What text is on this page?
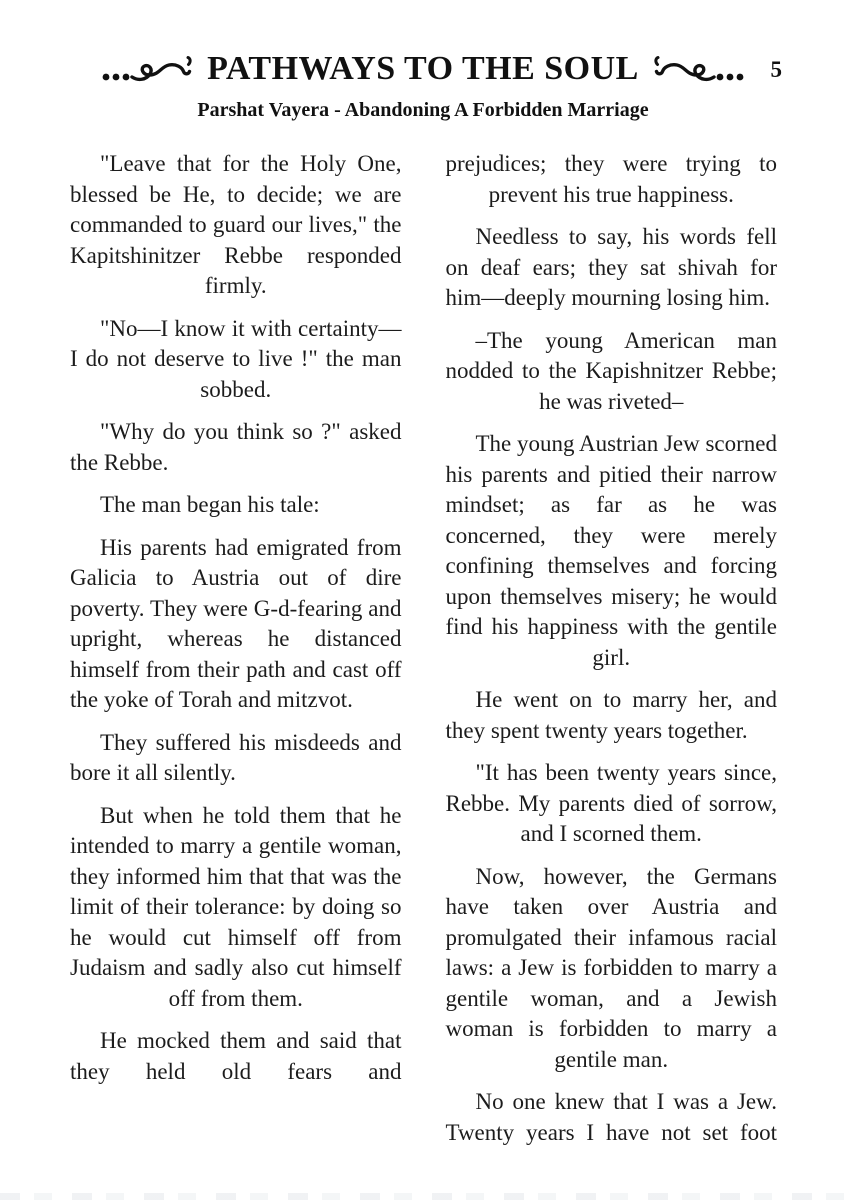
PATHWAYS TO THE SOUL	5
Parshat Vayera - Abandoning A Forbidden Marriage

"Leave that for the Holy One, blessed be He, to decide; we are commanded to guard our lives," the Kapitshinitzer Rebbe responded firmly.

"No—I know it with certainty—I do not deserve to live !" the man sobbed.

"Why do you think so ?" asked the Rebbe.

The man began his tale:

His parents had emigrated from Galicia to Austria out of dire poverty. They were G-d-fearing and upright, whereas he distanced himself from their path and cast off the yoke of Torah and mitzvot.

They suffered his misdeeds and bore it all silently.

But when he told them that he intended to marry a gentile woman, they informed him that that was the limit of their tolerance: by doing so he would cut himself off from Judaism and sadly also cut himself off from them.

He mocked them and said that they held old fears and

prejudices; they were trying to prevent his true happiness.

Needless to say, his words fell on deaf ears; they sat shivah for him—deeply mourning losing him.

–The young American man nodded to the Kapishnitzer Rebbe; he was riveted–

The young Austrian Jew scorned his parents and pitied their narrow mindset; as far as he was concerned, they were merely confining themselves and forcing upon themselves misery; he would find his happiness with the gentile girl.

He went on to marry her, and they spent twenty years together.

"It has been twenty years since, Rebbe. My parents died of sorrow, and I scorned them.

Now, however, the Germans have taken over Austria and promulgated their infamous racial laws: a Jew is forbidden to marry a gentile woman, and a Jewish woman is forbidden to marry a gentile man.

No one knew that I was a Jew. Twenty years I have not set foot
